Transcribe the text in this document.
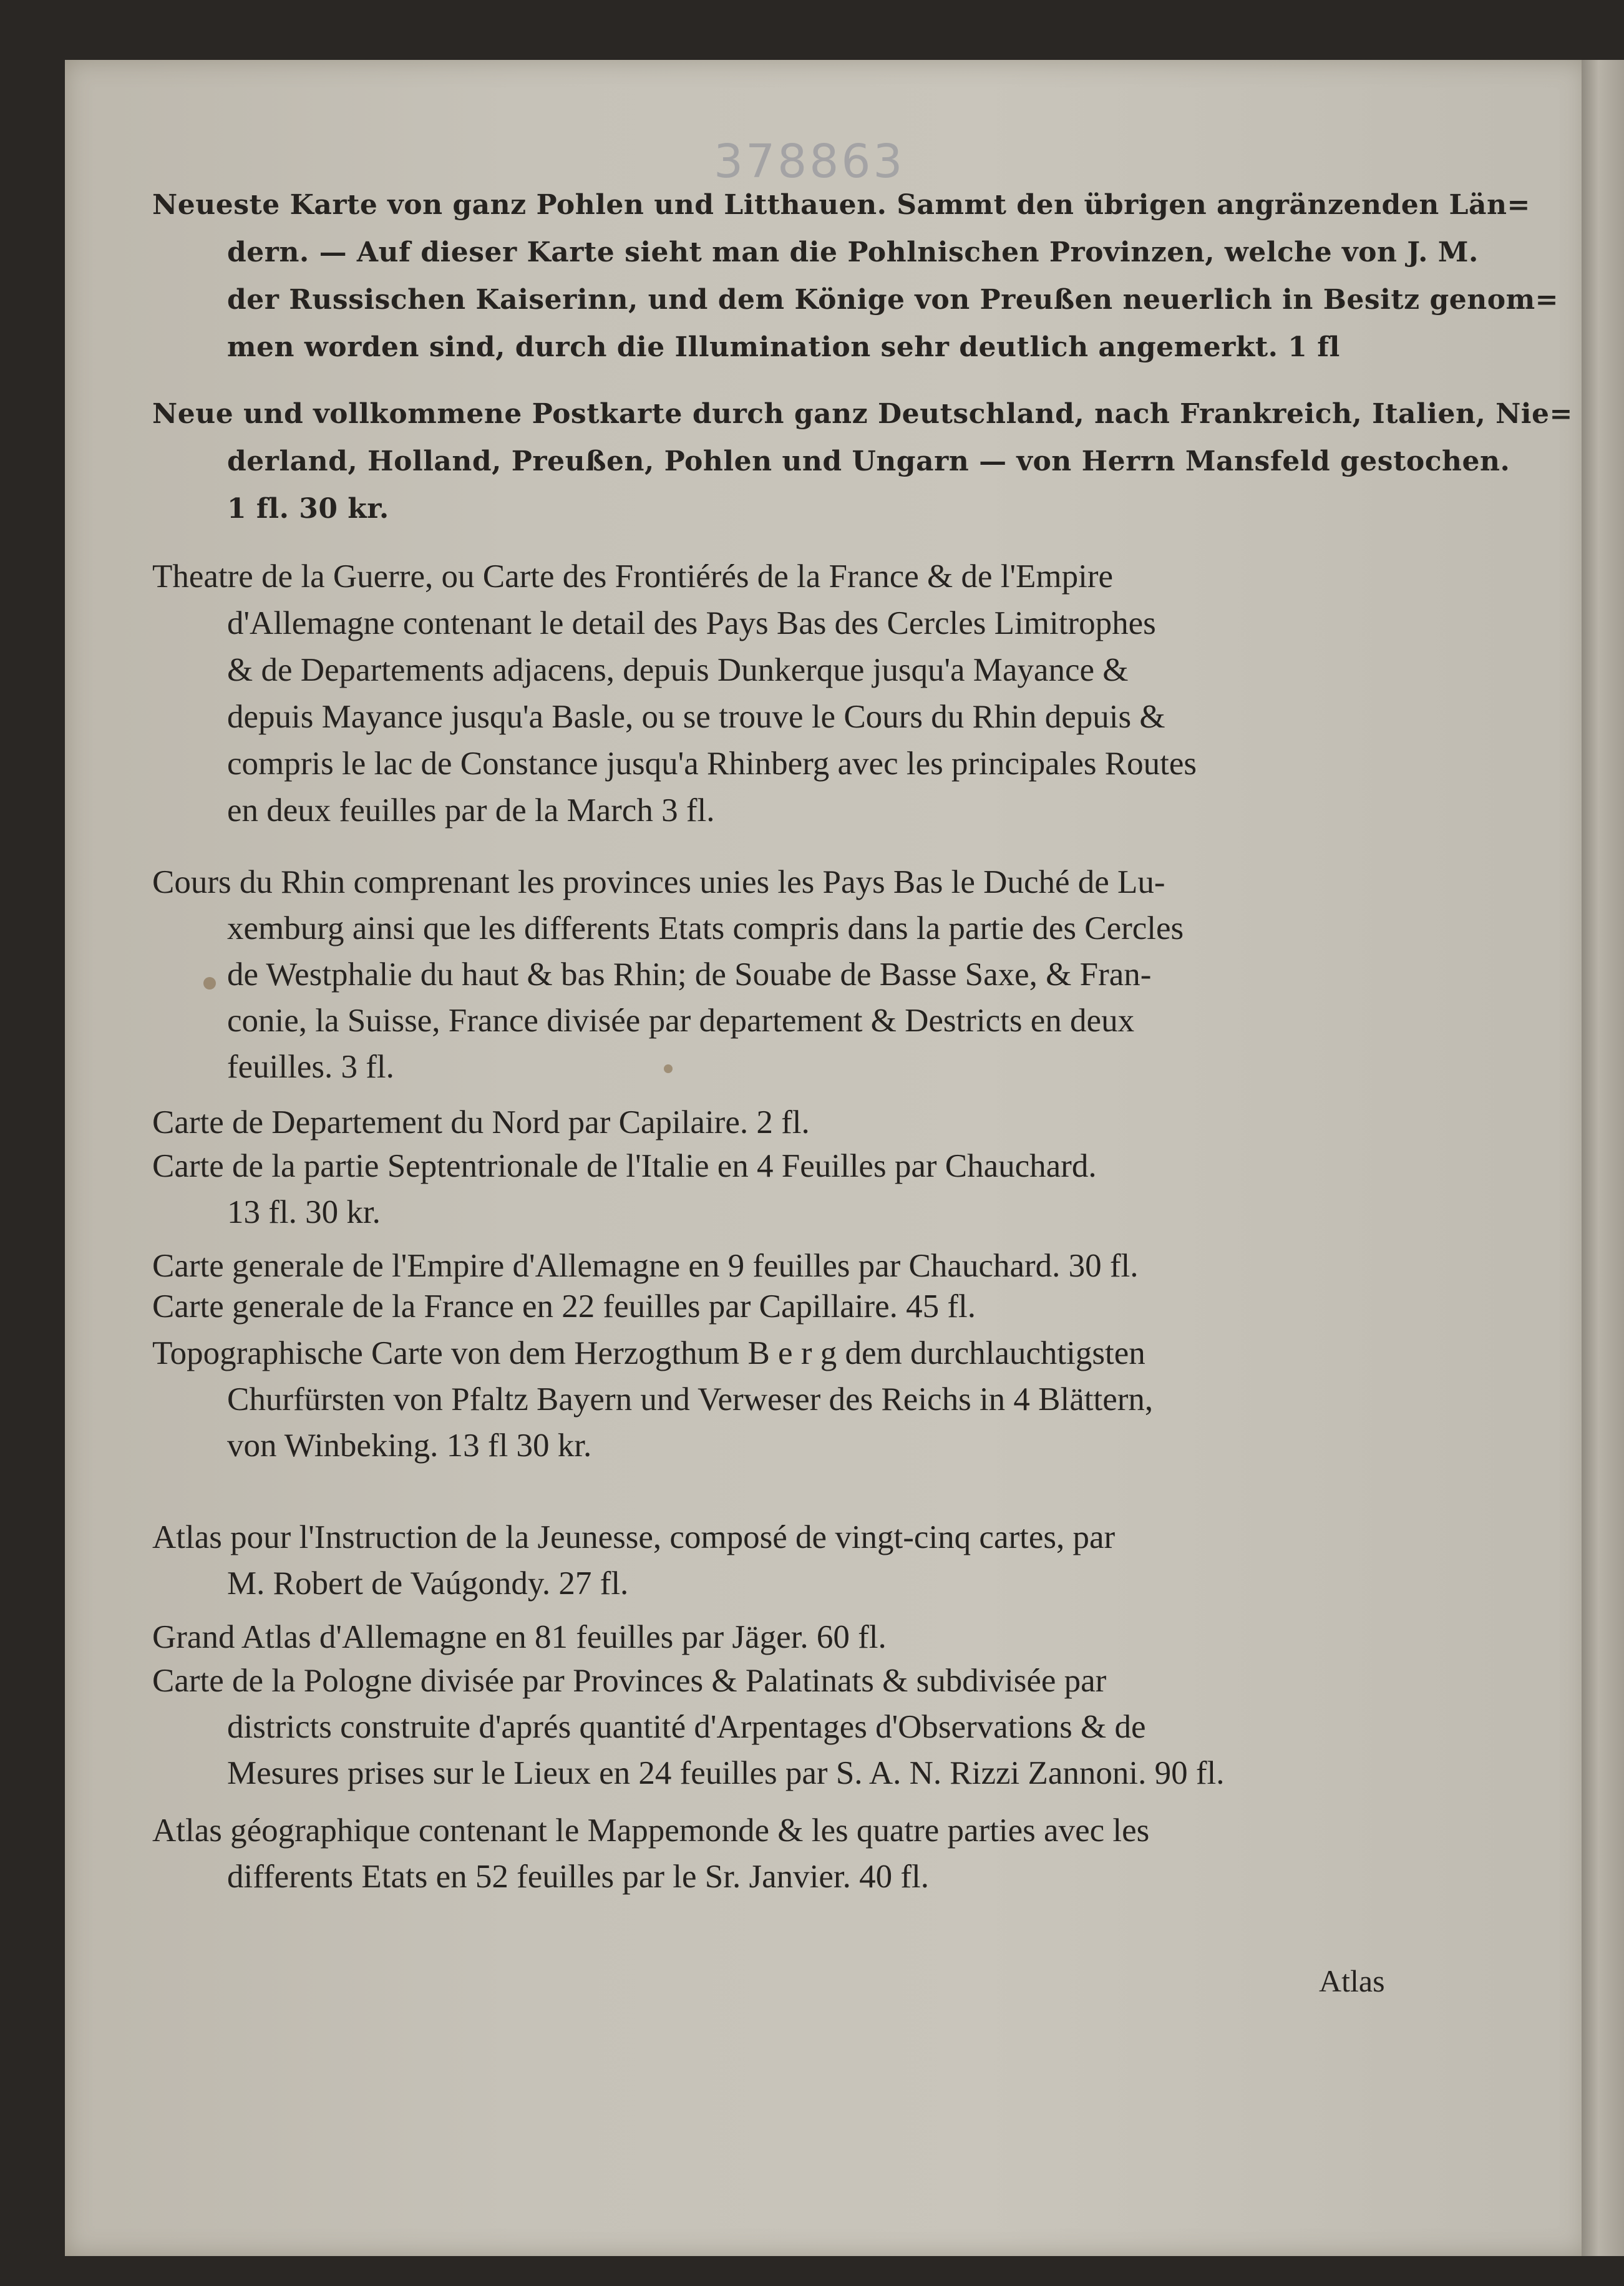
378863
Neueste Karte von ganz Pohlen und Litthauen. Sammt den übrigen angränzenden Län=
dern. — Auf dieser Karte sieht man die Pohlnischen Provinzen, welche von J. M.
der Russischen Kaiserinn, und dem Könige von Preußen neuerlich in Besitz genom=
men worden sind, durch die Illumination sehr deutlich angemerkt. 1 fl
Neue und vollkommene Postkarte durch ganz Deutschland, nach Frankreich, Italien, Nie=
derland, Holland, Preußen, Pohlen und Ungarn — von Herrn Mansfeld gestochen.
1 fl. 30 kr.
Theatre de la Guerre, ou Carte des Frontiérés de la France & de l'Empire
d'Allemagne contenant le detail des Pays Bas des Cercles Limitrophes
& de Departements adjacens, depuis Dunkerque jusqu'a Mayance &
depuis Mayance jusqu'a Basle, ou se trouve le Cours du Rhin depuis &
compris le lac de Constance jusqu'a Rhinberg avec les principales Routes
en deux feuilles par de la March 3 fl.
Cours du Rhin comprenant les provinces unies les Pays Bas le Duché de Lu-
xemburg ainsi que les differents Etats compris dans la partie des Cercles
de Westphalie du haut & bas Rhin; de Souabe de Basse Saxe, & Fran-
conie, la Suisse, France divisée par departement & Destricts en deux
feuilles. 3 fl.
Carte de Departement du Nord par Capilaire. 2 fl.
Carte de la partie Septentrionale de l'Italie en 4 Feuilles par Chauchard.
13 fl. 30 kr.
Carte generale de l'Empire d'Allemagne en 9 feuilles par Chauchard. 30 fl.
Carte generale de la France en 22 feuilles par Capillaire. 45 fl.
Topographische Carte von dem Herzogthum B e r g dem durchlauchtigsten
Churfürsten von Pfaltz Bayern und Verweser des Reichs in 4 Blättern,
von Winbeking. 13 fl 30 kr.
Atlas pour l'Instruction de la Jeunesse, composé de vingt-cinq cartes, par
M. Robert de Vaúgondy. 27 fl.
Grand Atlas d'Allemagne en 81 feuilles par Jäger. 60 fl.
Carte de la Pologne divisée par Provinces & Palatinats & subdivisée par
districts construite d'aprés quantité d'Arpentages d'Observations & de
Mesures prises sur le Lieux en 24 feuilles par S. A. N. Rizzi Zannoni. 90 fl.
Atlas géographique contenant le Mappemonde & les quatre parties avec les
differents Etats en 52 feuilles par le Sr. Janvier. 40 fl.
Atlas
